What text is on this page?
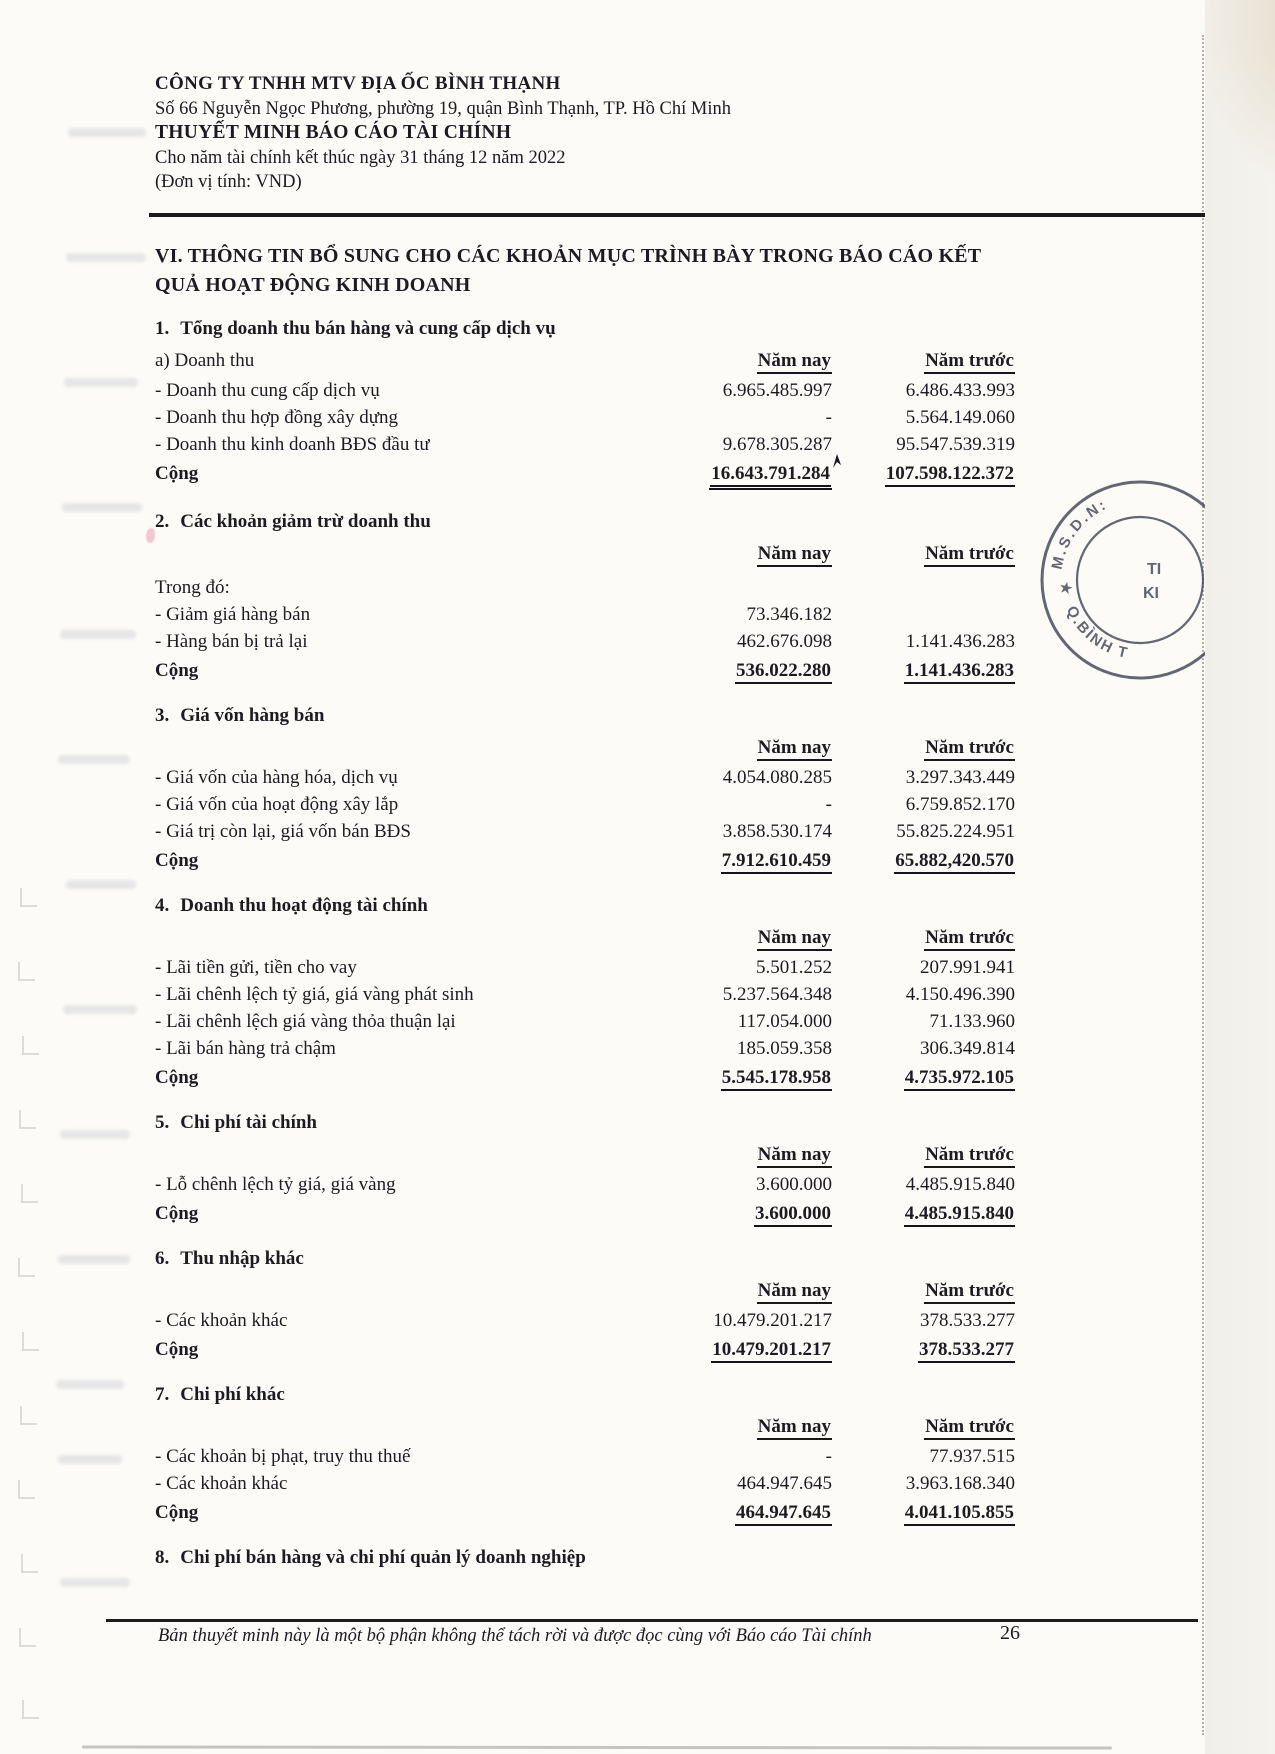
CÔNG TY TNHH MTV ĐỊA ỐC BÌNH THẠNH
Số 66 Nguyễn Ngọc Phương, phường 19, quận Bình Thạnh, TP. Hồ Chí Minh
THUYẾT MINH BÁO CÁO TÀI CHÍNH
Cho năm tài chính kết thúc ngày 31 tháng 12 năm 2022
(Đơn vị tính: VND)
VI. THÔNG TIN BỔ SUNG CHO CÁC KHOẢN MỤC TRÌNH BÀY TRONG BÁO CÁO KẾT
QUẢ HOẠT ĐỘNG KINH DOANH
1. Tổng doanh thu bán hàng và cung cấp dịch vụ
a) Doanh thu	Năm nay	Năm trước
- Doanh thu cung cấp dịch vụ	6.965.485.997	6.486.433.993
- Doanh thu hợp đồng xây dựng	-	5.564.149.060
- Doanh thu kinh doanh BĐS đầu tư	9.678.305.287	95.547.539.319
Cộng	16.643.791.284	107.598.122.372
2. Các khoản giảm trừ doanh thu
Năm nay	Năm trước
Trong đó:
- Giảm giá hàng bán	73.346.182
- Hàng bán bị trả lại	462.676.098	1.141.436.283
Cộng	536.022.280	1.141.436.283
3. Giá vốn hàng bán
Năm nay	Năm trước
- Giá vốn của hàng hóa, dịch vụ	4.054.080.285	3.297.343.449
- Giá vốn của hoạt động xây lắp	-	6.759.852.170
- Giá trị còn lại, giá vốn bán BĐS	3.858.530.174	55.825.224.951
Cộng	7.912.610.459	65.882,420.570
4. Doanh thu hoạt động tài chính
Năm nay	Năm trước
- Lãi tiền gửi, tiền cho vay	5.501.252	207.991.941
- Lãi chênh lệch tỷ giá, giá vàng phát sinh	5.237.564.348	4.150.496.390
- Lãi chênh lệch giá vàng thỏa thuận lại	117.054.000	71.133.960
- Lãi bán hàng trả chậm	185.059.358	306.349.814
Cộng	5.545.178.958	4.735.972.105
5. Chi phí tài chính
Năm nay	Năm trước
- Lỗ chênh lệch tỷ giá, giá vàng	3.600.000	4.485.915.840
Cộng	3.600.000	4.485.915.840
6. Thu nhập khác
Năm nay	Năm trước
- Các khoản khác	10.479.201.217	378.533.277
Cộng	10.479.201.217	378.533.277
7. Chi phí khác
Năm nay	Năm trước
- Các khoản bị phạt, truy thu thuế	-	77.937.515
- Các khoản khác	464.947.645	3.963.168.340
Cộng	464.947.645	4.041.105.855
8. Chi phí bán hàng và chi phí quản lý doanh nghiệp
M.S.D.N:
★
Q.BÌNH T
TI
KI
Bản thuyết minh này là một bộ phận không thể tách rời và được đọc cùng với Báo cáo Tài chính	26
